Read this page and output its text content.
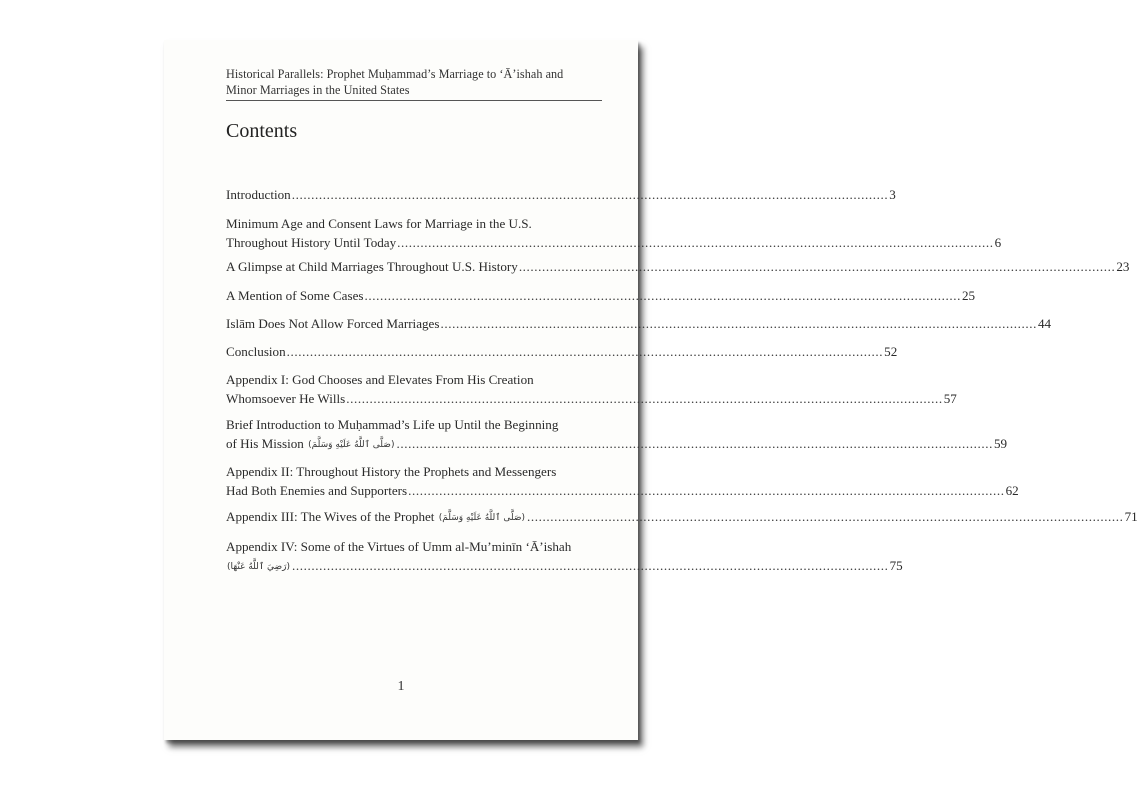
Historical Parallels: Prophet Muḥammad’s Marriage to ‘Ā’ishah and
Minor Marriages in the United States
Contents
Introduction .......................................................................................................................................................... 3
Minimum Age and Consent Laws for Marriage in the U.S.
Throughout History Until Today .......................................................................................................................................................... 6
A Glimpse at Child Marriages Throughout U.S. History .......................................................................................................................................................... 23
A Mention of Some Cases .......................................................................................................................................................... 25
Islām Does Not Allow Forced Marriages .......................................................................................................................................................... 44
Conclusion .......................................................................................................................................................... 52
Appendix I: God Chooses and Elevates From His Creation
Whomsoever He Wills .......................................................................................................................................................... 57
Brief Introduction to Muḥammad’s Life up Until the Beginning
of His Mission (صَلَّى ٱللَّهُ عَلَيْهِ وَسَلَّمَ) .......................................................................................................................................................... 59
Appendix II: Throughout History the Prophets and Messengers
Had Both Enemies and Supporters .......................................................................................................................................................... 62
Appendix III: The Wives of the Prophet (صَلَّى ٱللَّهُ عَلَيْهِ وَسَلَّمَ) .......................................................................................................................................................... 71
Appendix IV: Some of the Virtues of Umm al-Mu’minīn ‘Ā’ishah
(رَضِيَ ٱللَّهُ عَنْهَا) .......................................................................................................................................................... 75
1
